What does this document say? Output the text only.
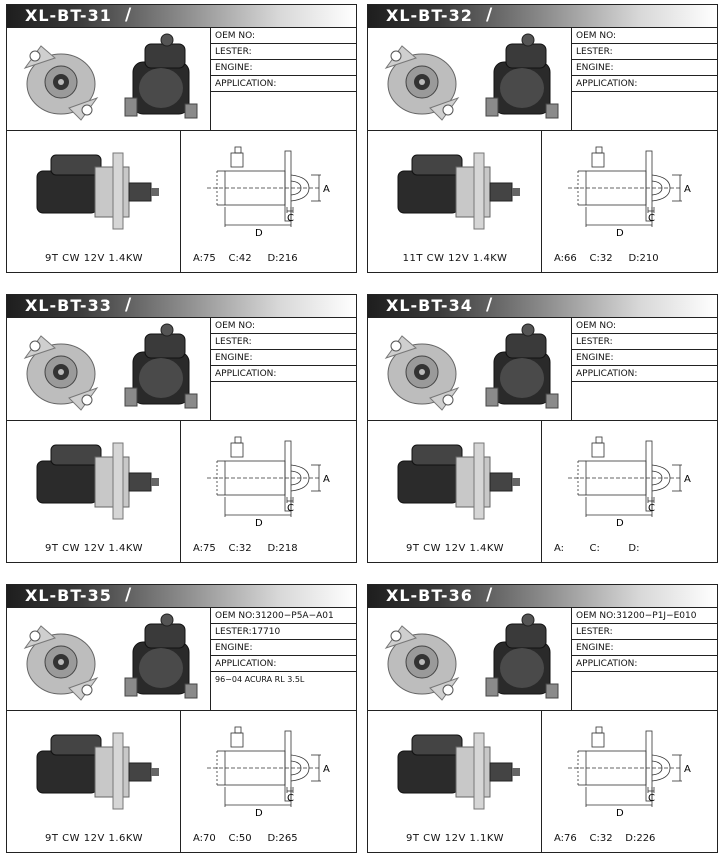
XL-BT-31 /
OEM NO:
LESTER:
ENGINE:
APPLICATION:
9T CW 12V 1.4KW
A
C
D
A:75    C:42     D:216
XL-BT-32 /
OEM NO:
LESTER:
ENGINE:
APPLICATION:
11T CW 12V 1.4KW
A
C
D
A:66    C:32     D:210
XL-BT-33 /
OEM NO:
LESTER:
ENGINE:
APPLICATION:
9T CW 12V 1.4KW
A
C
D
A:75    C:32     D:218
XL-BT-34 /
OEM NO:
LESTER:
ENGINE:
APPLICATION:
9T CW 12V 1.4KW
A
C
D
A:        C:         D:
XL-BT-35 /
OEM NO:31200−P5A−A01
LESTER:17710
ENGINE:
APPLICATION:
96−04 ACURA RL 3.5L
9T CW 12V 1.6KW
A
C
D
A:70    C:50     D:265
XL-BT-36 /
OEM NO:31200−P1J−E010
LESTER:
ENGINE:
APPLICATION:
9T CW 12V 1.1KW
A
C
D
A:76    C:32    D:226
